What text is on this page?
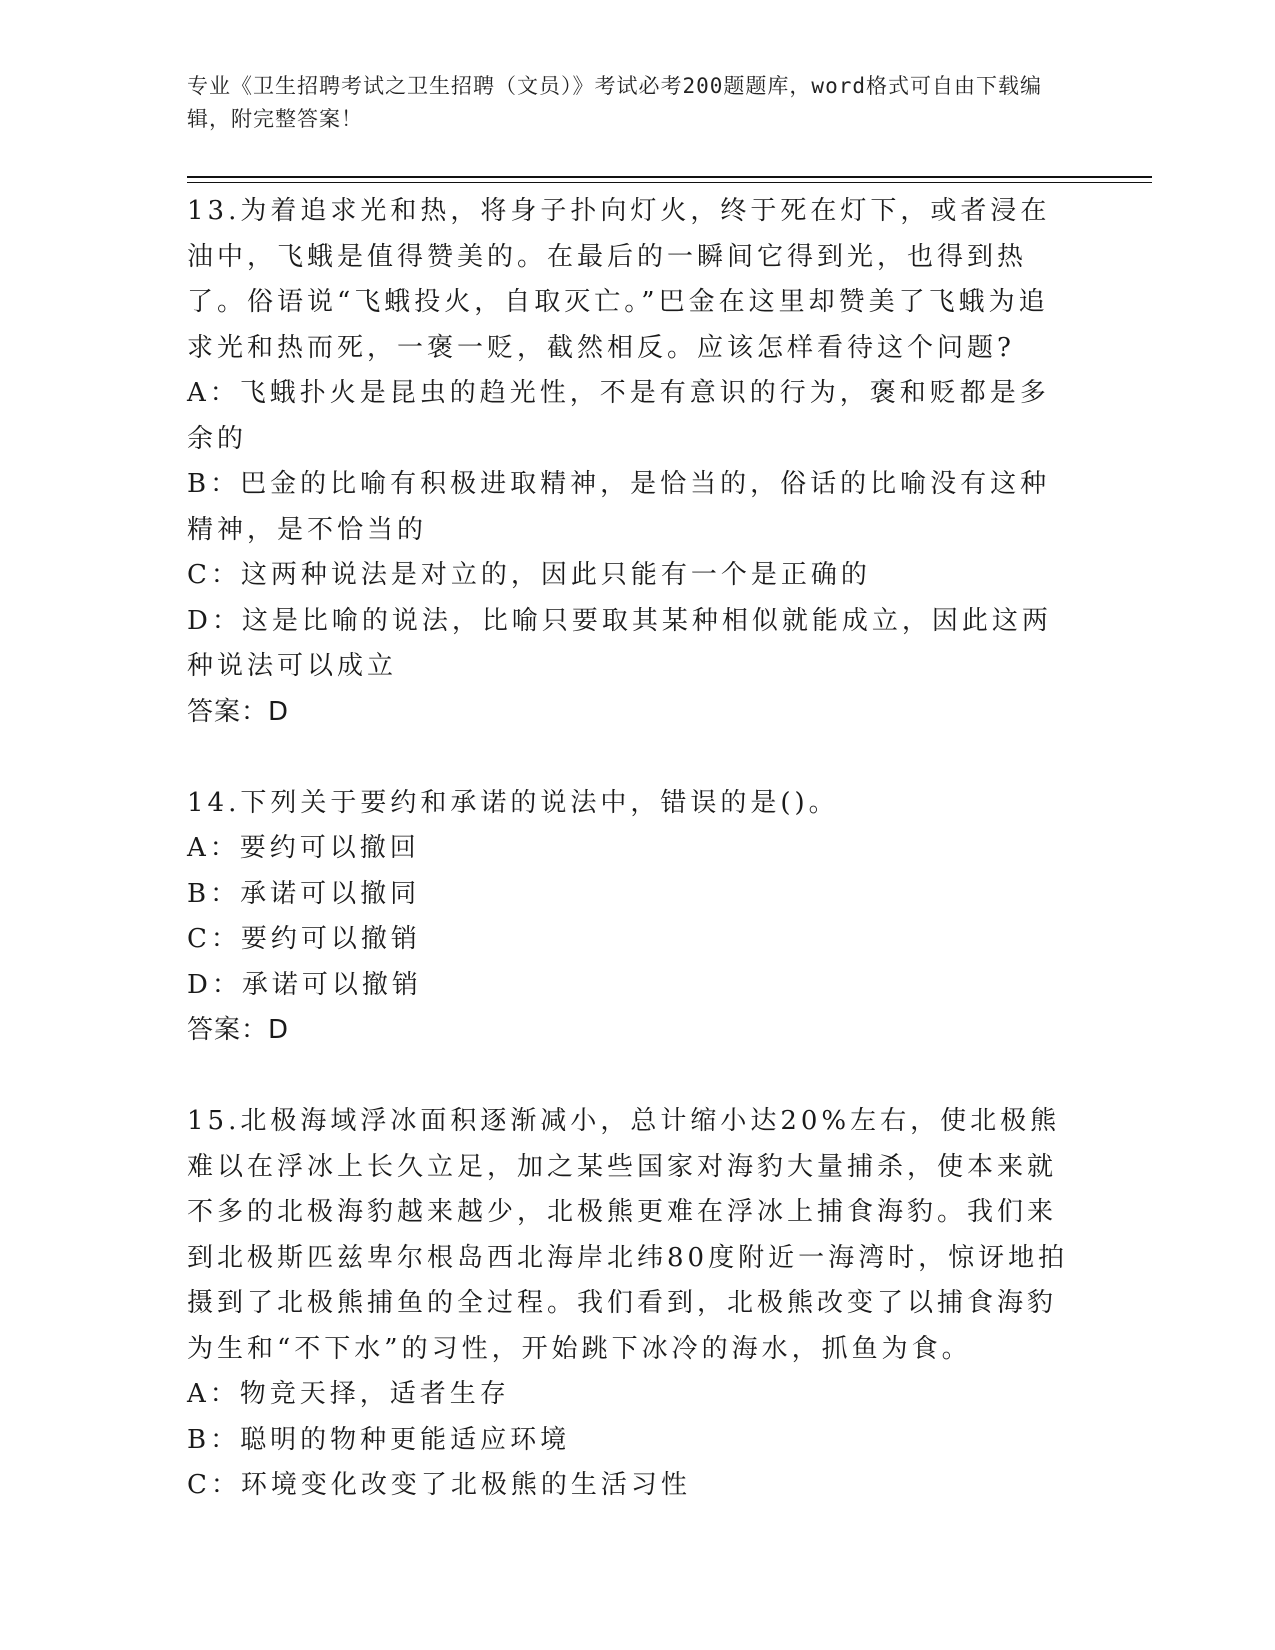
专业《卫生招聘考试之卫生招聘（文员）》考试必考200题题库，word格式可自由下载编辑，附完整答案！

13.为着追求光和热，将身子扑向灯火，终于死在灯下，或者浸在油中，飞蛾是值得赞美的。在最后的一瞬间它得到光，也得到热了。俗语说“飞蛾投火，自取灭亡。”巴金在这里却赞美了飞蛾为追求光和热而死，一褒一贬，截然相反。应该怎样看待这个问题?

A：飞蛾扑火是昆虫的趋光性，不是有意识的行为，褒和贬都是多余的

B：巴金的比喻有积极进取精神，是恰当的，俗话的比喻没有这种精神，是不恰当的

C：这两种说法是对立的，因此只能有一个是正确的

D：这是比喻的说法，比喻只要取其某种相似就能成立，因此这两种说法可以成立

答案：D

14.下列关于要约和承诺的说法中，错误的是()。

A：要约可以撤回

B：承诺可以撤同

C：要约可以撤销

D：承诺可以撤销

答案：D

15.北极海域浮冰面积逐渐减小，总计缩小达20%左右，使北极熊难以在浮冰上长久立足，加之某些国家对海豹大量捕杀，使本来就不多的北极海豹越来越少，北极熊更难在浮冰上捕食海豹。我们来到北极斯匹兹卑尔根岛西北海岸北纬80度附近一海湾时，惊讶地拍摄到了北极熊捕鱼的全过程。我们看到，北极熊改变了以捕食海豹为生和“不下水”的习性，开始跳下冰冷的海水，抓鱼为食。

A：物竞天择，适者生存

B：聪明的物种更能适应环境

C：环境变化改变了北极熊的生活习性
